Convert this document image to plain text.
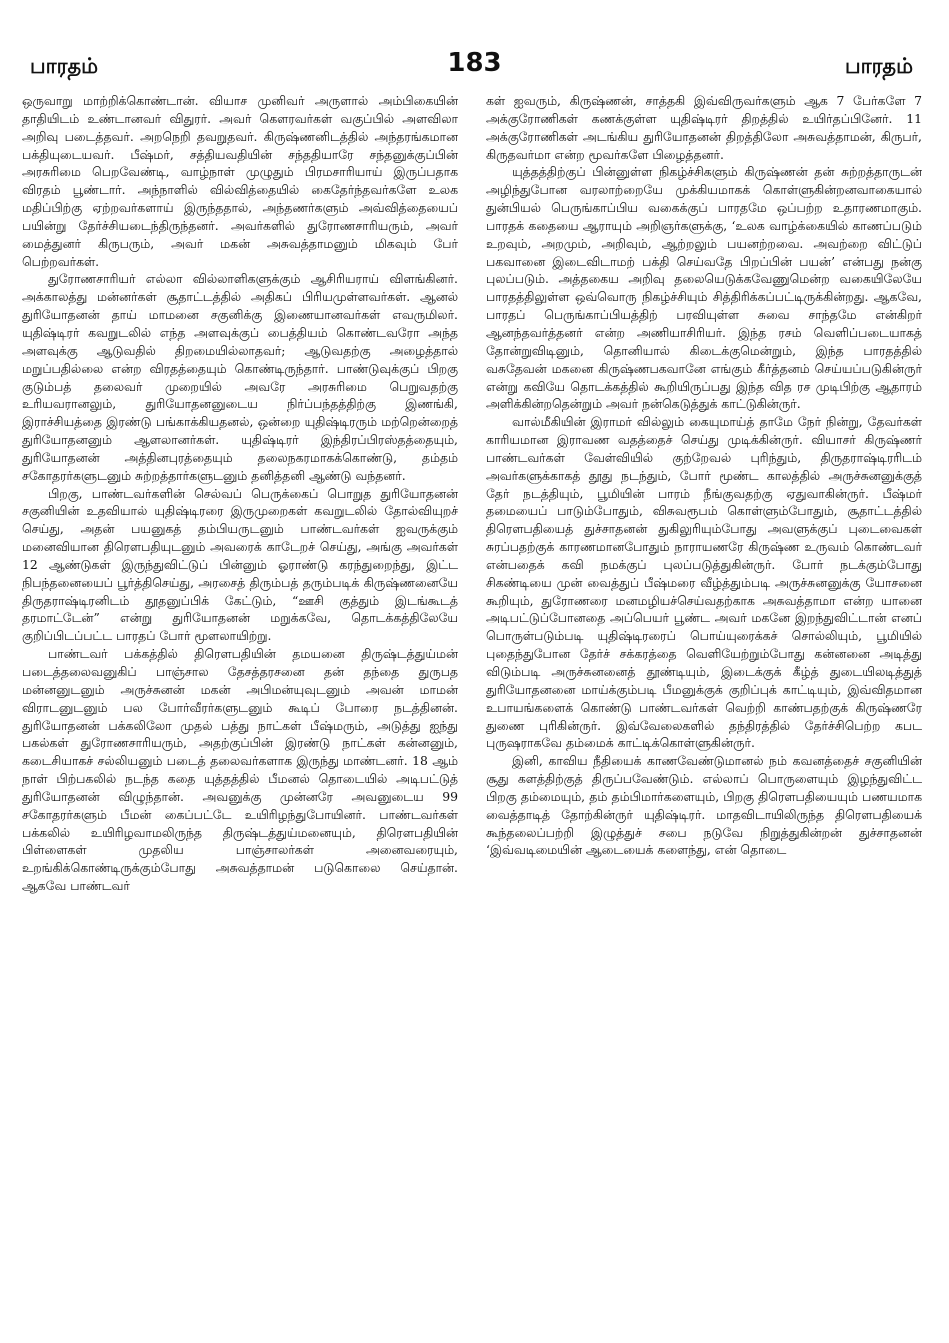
பாரதம்	183	பாரதம்

ஒருவாறு மாற்றிக்கொண்டான். வியாச முனிவர் அருளால் அம்பிகையின் தாதியிடம் உண்டானவர் விதுரர். அவர் கௌரவர்கள் வகுப்பில் அளவிலா அறிவு படைத்தவர். அறநெறி தவறுதவர். கிருஷ்ணனிடத்தில் அந்தரங்கமான பக்தியுடையவர். பீஷ்மர், சத்தியவதியின் சந்ததியாரே சந்தனுக்குப்பின் அரசுரிமை பெறவேண்டி, வாழ்நாள் முழுதும் பிரமசாரியாய் இருப்பதாக விரதம் பூண்டார். அந்நாளில் வில்வித்தையில் கைதேர்ந்தவர்களே உலக மதிப்பிற்கு ஏற்றவர்களாய் இருந்ததால், அந்தணர்களும் அவ்வித்தையைப் பயின்று தேர்ச்சியடைந்திருந்தனர். அவர்களில் துரோணசாரியரும், அவர் மைத்துனர் கிருபரும், அவர் மகன் அசுவத்தாமனும் மிகவும் பேர் பெற்றவர்கள்.

துரோணசாரியர் எல்லா வில்லாளிகளுக்கும் ஆசிரியராய் விளங்கினர். அக்காலத்து மன்னர்கள் சூதாட்டத்தில் அதிகப் பிரியமுள்ளவர்கள். ஆனல் துரியோதனன் தாய் மாமனை சகுனிக்கு இணையானவர்கள் எவருமிலர். யுதிஷ்டிரர் கவறுடலில் எந்த அளவுக்குப் பைத்தியம் கொண்டவரோ அந்த அளவுக்கு ஆடுவதில் திறமையில்லாதவர்; ஆடுவதற்கு அழைத்தால் மறுப்பதில்லை என்ற விரதத்தையும் கொண்டிருந்தார். பாண்டுவுக்குப் பிறகு குடும்பத் தலைவர் முறையில் அவரே அரசுரிமை பெறுவதற்கு உரியவரானலும், துரியோதனனுடைய நிர்ப்பந்தத்திற்கு இணங்கி, இராச்சியத்தை இரண்டு பங்காக்கியதனல், ஒன்றை யுதிஷ்டிரரும் மற்றென்றைத் துரியோதனனும் ஆளலானர்கள். யுதிஷ்டிரர் இந்திரப்பிரஸ்தத்தையும், துரியோதனன் அத்தினபுரத்தையும் தலைநகரமாகக்கொண்டு, தம்தம் சகோதரர்களுடனும் சுற்றத்தார்களுடனும் தனித்தனி ஆண்டு வந்தனர்.

பிறகு, பாண்டவர்களின் செல்வப் பெருக்கைப் பொறுத துரியோதனன் சகுனியின் உதவியால் யுதிஷ்டிரரை இருமுறைகள் கவறுடலில் தோல்வியுறச் செய்து, அதன் பயனுகத் தம்பியருடனும் பாண்டவர்கள் ஐவருக்கும் மனைவியான திரௌபதியுடனும் அவரைக் காடேறச் செய்து, அங்கு அவர்கள் 12 ஆண்டுகள் இருந்துவிட்டுப் பின்னும் ஓராண்டு கரந்துறைந்து, இட்ட நிபந்தனையைப் பூர்த்திசெய்து, அரசைத் திரும்பத் தரும்படிக் கிருஷ்ணனையே திருதராஷ்டிரனிடம் தூதனுப்பிக் கேட்டும், “ஊசி குத்தும் இடங்கூடத் தரமாட்டேன்” என்று துரியோதனன் மறுக்கவே, தொடக்கத்திலேயே குறிப்பிடப்பட்ட பாரதப் போர் மூளலாயிற்று.

பாண்டவர் பக்கத்தில் திரௌபதியின் தமயனை திருஷ்டத்துய்மன் படைத்தலைவனுகிப் பாஞ்சால தேசத்தரசனை தன் தந்தை துருபத மன்னனுடனும் அருச்சுனன் மகன் அபிமன்யுவுடனும் அவன் மாமன் விராடனுடனும் பல போர்வீரர்களுடனும் கூடிப் போரை நடத்தினன். துரியோதனன் பக்கலிலோ முதல் பத்து நாட்கள் பீஷ்மரும், அடுத்து ஐந்து பகல்கள் துரோணசாரியரும், அதற்குப்பின் இரண்டு நாட்கள் கன்னனும், கடைசியாகச் சல்லியனும் படைத் தலைவர்களாக இருந்து மாண்டனர். 18 ஆம் நாள் பிற்பகலில் நடந்த கதை யுத்தத்தில் பீமனல் தொடையில் அடிபட்டுத் துரியோதனன் விழுந்தான். அவனுக்கு முன்னரே அவனுடைய 99 சகோதரர்களும் பீமன் கைப்பட்டே உயிரிழந்துபோயினர். பாண்டவர்கள் பக்கலில் உயிரிழவாமலிருந்த திருஷ்டத்துய்மனையும், திரௌபதியின் பிள்ளைகள் முதலிய பாஞ்சாலர்கள் அனைவரையும், உறங்கிக்கொண்டிருக்கும்போது அசுவத்தாமன் படுகொலை செய்தான். ஆகவே பாண்டவர்

கள் ஐவரும், கிருஷ்ணன், சாத்தகி இவ்விருவர்களும் ஆக 7 பேர்களே 7 அக்குரோணிகள் கணக்குள்ள யுதிஷ்டிரர் திறத்தில் உயிர்தப்பினேர். 11 அக்குரோணிகள் அடங்கிய துரியோதனன் திறத்திலோ அசுவத்தாமன், கிருபர், கிருதவர்மா என்ற மூவர்களே பிழைத்தனர்.

யுத்தத்திற்குப் பின்னுள்ள நிகழ்ச்சிகளும் கிருஷ்ணன் தன் சுற்றத்தாருடன் அழிந்துபோன வரலாற்றையே முக்கியமாகக் கொள்ளுகின்றனவாகையால் துன்பியல் பெருங்காப்பிய வகைக்குப் பாரதமே ஒப்பற்ற உதாரணமாகும். பாரதக் கதையை ஆராயும் அறிஞர்களுக்கு, ‘உலக வாழ்க்கையில் காணப்படும் உறவும், அறமும், அறிவும், ஆற்றலும் பயனற்றவை. அவற்றை விட்டுப் பகவானை இடைவிடாமற் பக்தி செய்வதே பிறப்பின் பயன்’ என்பது நன்கு புலப்படும். அத்தகைய அறிவு தலையெடுக்கவேணுமென்ற வகையிலேயே பாரதத்திலுள்ள ஒவ்வொரு நிகழ்ச்சியும் சித்திரிக்கப்பட்டிருக்கின்றது. ஆகவே, பாரதப் பெருங்காப்பியத்திற் பரவியுள்ள சுவை சாந்தமே என்கிறர் ஆனந்தவர்த்தனர் என்ற அணியாசிரியர். இந்த ரசம் வெளிப்படையாகத் தோன்றுவிடினும், தொனியால் கிடைக்குமென்றும், இந்த பாரதத்தில் வசுதேவன் மகனை கிருஷ்ணபகவானே எங்கும் கீர்த்தனம் செய்யப்படுகின்ருர் என்று கவியே தொடக்கத்தில் கூறியிருப்பது இந்த வித ரச முடிபிற்கு ஆதாரம் அளிக்கின்றதென்றும் அவர் நன்கெடுத்துக் காட்டுகின்ருர்.

வால்மீகியின் இராமர் வில்லும் கையுமாய்த் தாமே நேர் நின்று, தேவர்கள் காரியமான இராவண வதத்தைச் செய்து முடிக்கின்ருர். வியாசர் கிருஷ்ணர் பாண்டவர்கள் வேள்வியில் குற்றேவல் புரிந்தும், திருதராஷ்டிரரிடம் அவர்களுக்காகத் தூது நடந்தும், போர் மூண்ட காலத்தில் அருச்சுனனுக்குத் தேர் நடத்தியும், பூமியின் பாரம் நீங்குவதற்கு ஏதுவாகின்ருர். பீஷ்மர் தமையைப் பாடும்போதும், விசுவரூபம் கொள்ளும்போதும், சூதாட்டத்தில் திரௌபதியைத் துச்சாதனன் துகிலுரியும்போது அவளுக்குப் புடைவைகள் சுரப்பதற்குக் காரணமானபோதும் நாராயணரே கிருஷ்ண உருவம் கொண்டவர் என்பதைக் கவி நமக்குப் புலப்படுத்துகின்ருர். போர் நடக்கும்போது சிகண்டியை முன் வைத்துப் பீஷ்மரை வீழ்த்தும்படி அருச்சுனனுக்கு யோசனை கூறியும், துரோணரை மனமழியச்செய்வதற்காக அசுவத்தாமா என்ற யானை அடிபட்டுப்போனதை அப்பெயர் பூண்ட அவர் மகனே இறந்துவிட்டான் எனப் பொருள்படும்படி யுதிஷ்டிரரைப் பொய்யுரைக்கச் சொல்லியும், பூமியில் புதைந்துபோன தேர்ச் சக்கரத்தை வெளியேற்றும்போது கன்னனை அடித்து விடும்படி அருச்சுனனைத் தூண்டியும், இடைக்குக் கீழ்த் துடையிலடித்துத் துரியோதனனை மாய்க்கும்படி பீமனுக்குக் குறிப்புக் காட்டியும், இவ்விதமான உபாயங்களைக் கொண்டு பாண்டவர்கள் வெற்றி காண்பதற்குக் கிருஷ்ணரே துணை புரிகின்ருர். இவ்வேலைகளில் தந்திரத்தில் தேர்ச்சிபெற்ற கபட புருஷராகவே தம்மைக் காட்டிக்கொள்ளுகின்ருர்.

இனி, காவிய நீதியைக் காணவேண்டுமானல் நம் கவனத்தைச் சகுனியின் சூது களத்திற்குத் திருப்பவேண்டும். எல்லாப் பொருளையும் இழந்துவிட்ட பிறகு தம்மையும், தம் தம்பிமார்களையும், பிறகு திரௌபதியையும் பணயமாக வைத்தாடித் தோற்கின்ருர் யுதிஷ்டிரர். மாதவிடாயிலிருந்த திரௌபதியைக் கூந்தலைப்பற்றி இழுத்துச் சபை நடுவே நிறுத்துகின்றன் துச்சாதனன் ‘இவ்வடிமையின் ஆடையைக் களைந்து, என் தொடை
